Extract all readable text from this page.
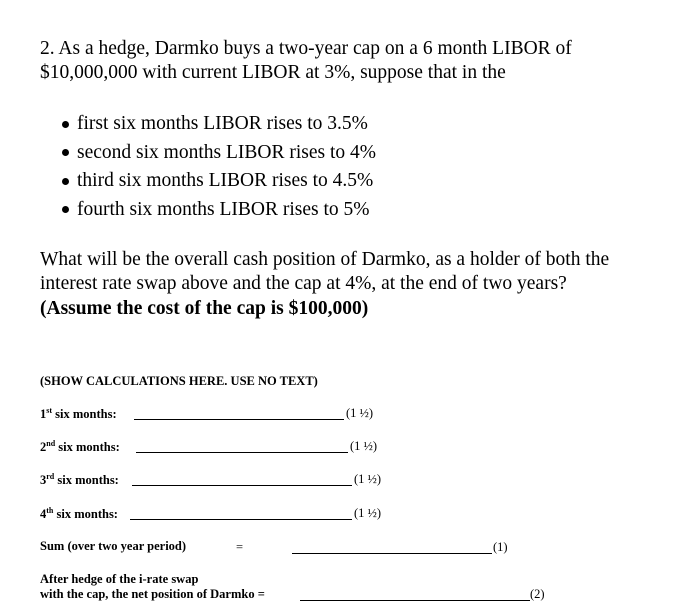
2. As a hedge, Darmko buys a two-year cap on a 6 month LIBOR of
$10,000,000 with current LIBOR at 3%, suppose that in the
first six months LIBOR rises to 3.5%
second six months LIBOR rises to 4%
third six months LIBOR rises to 4.5%
fourth six months LIBOR rises to 5%
What will be the overall cash position of Darmko, as a holder of both the
interest rate swap above and the cap at 4%, at the end of two years?
(Assume the cost of the cap is $100,000)
(SHOW CALCULATIONS HERE. USE NO TEXT)
1st six months:	(1 ½)
2nd six months:	(1 ½)
3rd six months:	(1 ½)
4th six months:	(1 ½)
Sum (over two year period)	=	(1)
After hedge of the i-rate swap
with the cap, the net position of Darmko =	(2)
